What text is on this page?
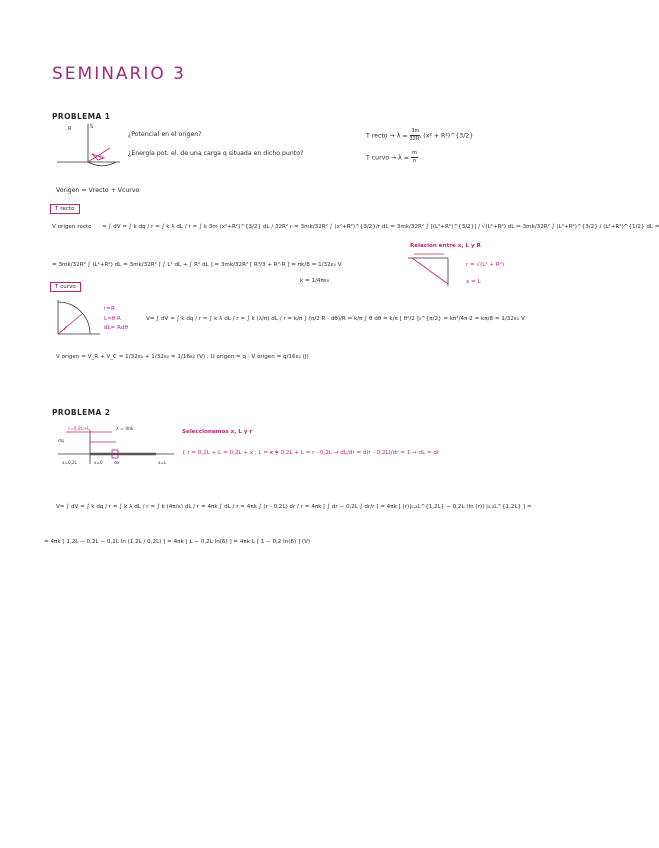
SEMINARIO 3
PROBLEMA 1
R	S
R
¿Potencial en el origen?
¿Energía pot. el. de una carga q situada en dicho punto?
T recto → $\lambda = \frac{3m}{\text{32R²}} (x^2$ + R²)^{3/2}
T curvo → $\lambda = \frac{m}{n}$
Vorigen = Vrecto + Vcurvo
T recto
V origen recto = ∫ dV = ∫ k dq / r = ∫ k λ dL / r = ∫ k 3m (x²+R²)^{3/2} dL / 32R² r = 3mk/32R² ∫ (x²+R²)^{3/2}/r dL = 3mk/32R² ∫ [(L²+R²)^{3/2}] / √(L²+R²) dL = 3mk/32R² ∫ (L²+R²)^{3/2} / (L²+R²)^{1/2} dL =
= 3mk/32R² ∫ (L²+R²) dL = 3mk/32R² [ ∫ L² dL + ∫ R² dL ] = 3mk/32R² [ R³/3 + R²·R ] = πk/8 = 1/32ε₀ V
k = 1/4πε₀
Relación entre x, L y R
r = √(L² + R²)
x = L
T curvo
r=R
L=θ·R
dL= Rdθ
V= ∫ dV = ∫ k dq / r = ∫ k λ dL / r = ∫ k (λ/π) dL / r = k/π ∫ (π/2 R · dθ)/R = k/π ∫ θ dθ = k/π [ θ²/2 ]₀^{π/2} = kπ²/4π·2 = kπ/8 = 1/32ε₀ V
V origen = V_R + V_C = 1/32ε₀ + 1/32ε₀ = 1/16ε₀ (V) ; U origen = q · V origen = q/16ε₀ (J)
PROBLEMA 2
r=0,2L+L	λ = 4πk
dq
dx
x=0,2L	x=0	x=L
Seleccionamos x, L y r
{ r = 0,2L + L = 0,2L + x ; L = x }
r = 0,2L + L = r - 0,2L → dL/dr = d(r - 0,2L)/dr = 1 → dL = dr
V= ∫ dV = ∫ k dq / r = ∫ k λ dL / r = ∫ k (4π/x) dL / r = 4πk ∫ dL / r = 4πk ∫ (r - 0,2L) dr / r = 4πk [ ∫ dr − 0,2L ∫ dr/r ] = 4πk [ (r)|₀,₂L^{1,2L} − 0,2L (ln (r)) |₀,₂L^{1,2L} ] =
= 4πk [ 1,2L − 0,2L − 0,2L ln (1,2L / 0,2L) ] = 4πk [ L − 0,2L ln(6) ] = 4πk L [ 1 − 0,2 ln(6) ] (V)
